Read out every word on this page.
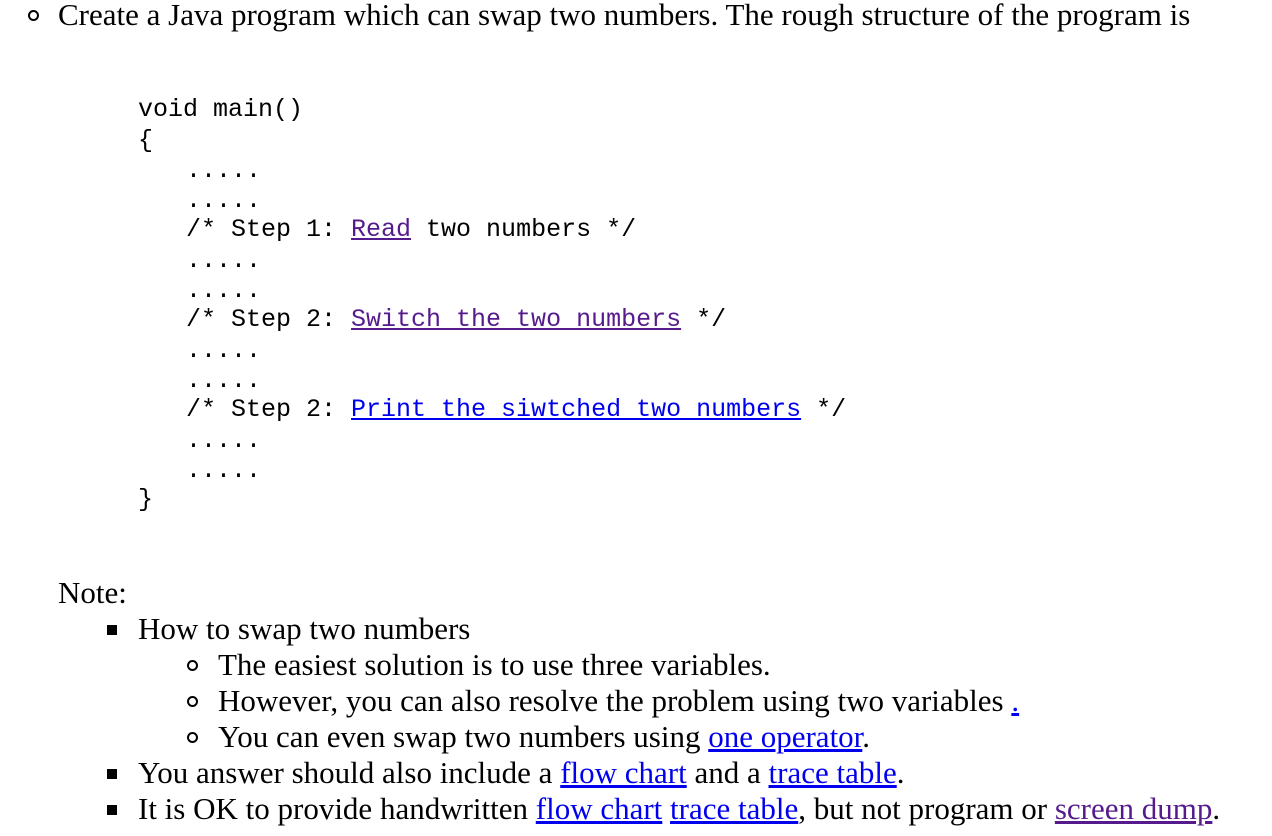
Create a Java program which can swap two numbers. The rough structure of the program is
void main()
{
.....
.....
/* Step 1: Read two numbers */
.....
.....
/* Step 2: Switch the two numbers */
.....
.....
/* Step 2: Print the siwtched two numbers */
.....
.....
}
Note:
How to swap two numbers
The easiest solution is to use three variables.
However, you can also resolve the problem using two variables .
You can even swap two numbers using one operator.
You answer should also include a flow chart and a trace table.
It is OK to provide handwritten flow chart trace table, but not program or screen dump.
